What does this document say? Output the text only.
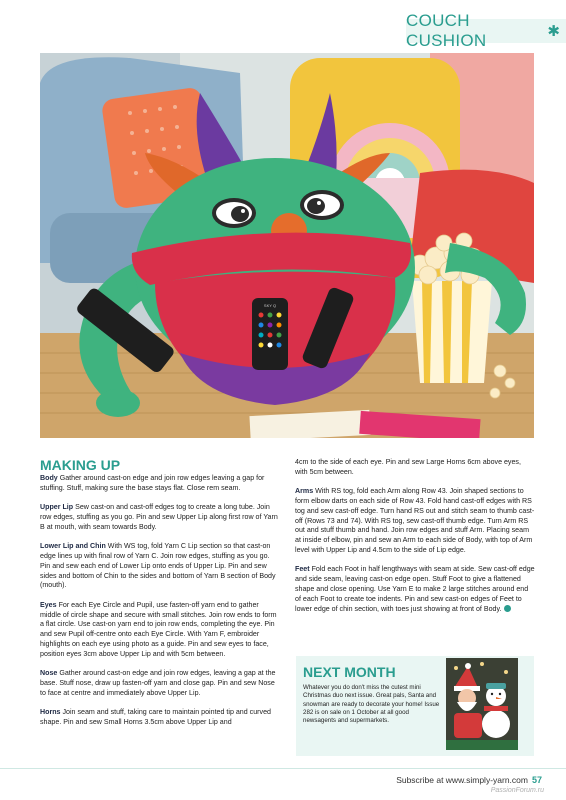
COUCH CUSHION	✱
SKY Q
MAKING UP

Body Gather around cast-on edge and join row edges leaving a gap for stuffing. Stuff, making sure the base stays flat. Close rem seam.

Upper Lip Sew cast-on and cast-off edges tog to create a long tube. Join row edges, stuffing as you go. Pin and sew Upper Lip along first row of Yarn B at mouth, with seam towards Body.

Lower Lip and Chin With WS tog, fold Yarn C Lip section so that cast-on edge lines up with final row of Yarn C. Join row edges, stuffing as you go. Pin and sew each end of Lower Lip onto ends of Upper Lip. Pin and sew sides and bottom of Chin to the sides and bottom of Yarn B section of Body (mouth).

Eyes For each Eye Circle and Pupil, use fasten-off yarn end to gather middle of circle shape and secure with small stitches. Join row ends to form a flat circle. Use cast-on yarn end to join row ends, completing the eye. Pin and sew Pupil off-centre onto each Eye Circle. With Yarn F, embroider highlights on each eye using photo as a guide. Pin and sew eyes to face, position eyes 3cm above Upper Lip and with 5cm between.

Nose Gather around cast-on edge and join row edges, leaving a gap at the base. Stuff nose, draw up fasten-off yarn and close gap. Pin and sew Nose to face at centre and immediately above Upper Lip.

Horns Join seam and stuff, taking care to maintain pointed tip and curved shape. Pin and sew Small Horns 3.5cm above Upper Lip and

4cm to the side of each eye. Pin and sew Large Horns 6cm above eyes, with 5cm between.

Arms With RS tog, fold each Arm along Row 43. Join shaped sections to form elbow darts on each side of Row 43. Fold hand cast-off edges with RS tog and sew cast-off edge. Turn hand RS out and stitch seam to thumb cast-off (Rows 73 and 74). With RS tog, sew cast-off thumb edge. Turn Arm RS out and stuff thumb and hand. Join row edges and stuff Arm. Placing seam at inside of elbow, pin and sew an Arm to each side of Body, with top of Arm level with Upper Lip and 4.5cm to the side of Lip edge.

Feet Fold each Foot in half lengthways with seam at side. Sew cast-off edge and side seam, leaving cast-on edge open. Stuff Foot to give a flattened shape and close opening. Use Yarn E to make 2 large stitches around end of each Foot to create toe indents. Pin and sew cast-on edges of Feet to lower edge of chin section, with toes just showing at front of Body.

NEXT MONTH
Whatever you do don't miss the cutest mini Christmas duo next issue. Great pals, Santa and snowman are ready to decorate your home! Issue 282 is on sale on 1 October at all good newsagents and supermarkets.
Subscribe at www.simply-yarn.com 57
PassionForum.ru
